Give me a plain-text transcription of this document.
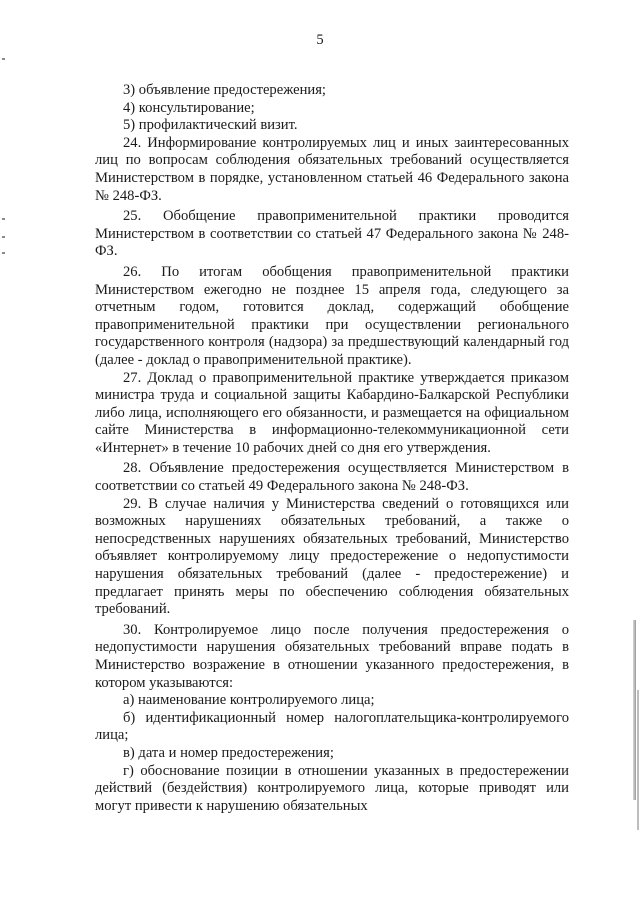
5

3) объявление предостережения;

4) консультирование;

5) профилактический визит.

24. Информирование контролируемых лиц и иных заинтересованных лиц по вопросам соблюдения обязательных требований осуществляется Министерством в порядке, установленном статьей 46 Федерального закона № 248-ФЗ.

25. Обобщение правоприменительной практики проводится Министерством в соответствии со статьей 47 Федерального закона № 248-ФЗ.

26. По итогам обобщения правоприменительной практики Министерством ежегодно не позднее 15 апреля года, следующего за отчетным годом, готовится доклад, содержащий обобщение правоприменительной практики при осуществлении регионального государственного контроля (надзора) за предшествующий календарный год (далее - доклад о правоприменительной практике).

27. Доклад о правоприменительной практике утверждается приказом министра труда и социальной защиты Кабардино-Балкарской Республики либо лица, исполняющего его обязанности, и размещается на официальном сайте Министерства в информационно-телекоммуникационной сети «Интернет» в течение 10 рабочих дней со дня его утверждения.

28. Объявление предостережения осуществляется Министерством в соответствии со статьей 49 Федерального закона № 248-ФЗ.

29. В случае наличия у Министерства сведений о готовящихся или возможных нарушениях обязательных требований, а также о непосредственных нарушениях обязательных требований, Министерство объявляет контролируемому лицу предостережение о недопустимости нарушения обязательных требований (далее - предостережение) и предлагает принять меры по обеспечению соблюдения обязательных требований.

30. Контролируемое лицо после получения предостережения о недопустимости нарушения обязательных требований вправе подать в Министерство возражение в отношении указанного предостережения, в котором указываются:

а) наименование контролируемого лица;

б) идентификационный номер налогоплательщика-контролируемого лица;

в) дата и номер предостережения;

г) обоснование позиции в отношении указанных в предостережении действий (бездействия) контролируемого лица, которые приводят или могут привести к нарушению обязательных
